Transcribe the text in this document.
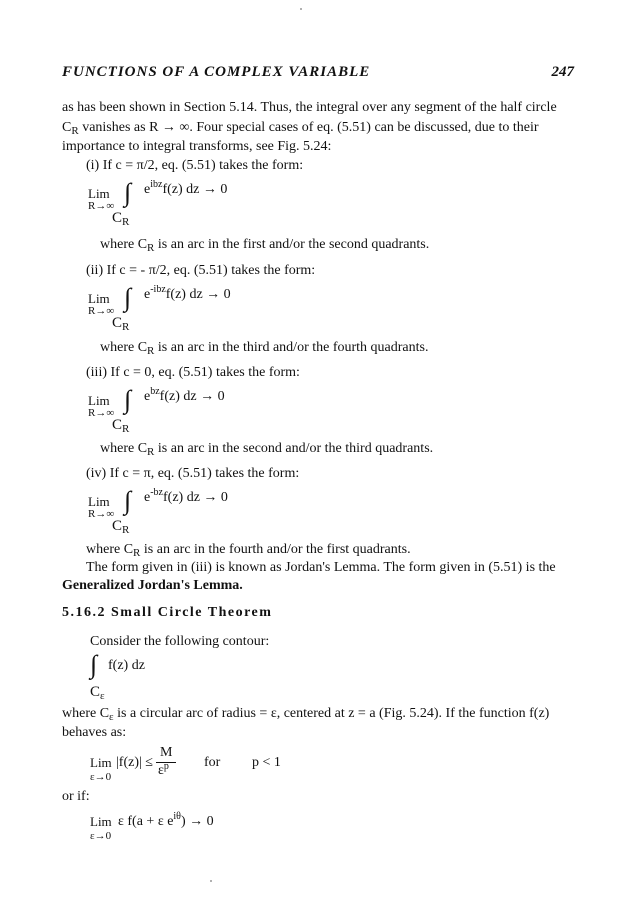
FUNCTIONS OF A COMPLEX VARIABLE	247
as has been shown in Section 5.14. Thus, the integral over any segment of the half circle
$C_R$ vanishes as R → ∞. Four special cases of eq. (5.51) can be discussed, due to their
importance to integral transforms, see Fig. 5.24:
(i) If c = π/2, eq. (5.51) takes the form:
Lim
R→∞ ∫ $e^{ibz}f(z)$ dz → 0
$C_R$
where $C_R$ is an arc in the first and/or the second quadrants.
(ii) If c = - π/2, eq. (5.51) takes the form:
Lim
R→∞ ∫ $e^{-ibz}f(z)$ dz → 0
$C_R$
where $C_R$ is an arc in the third and/or the fourth quadrants.
(iii) If c = 0, eq. (5.51) takes the form:
Lim
R→∞ ∫ $e^{bz}f(z)$ dz → 0
$C_R$
where $C_R$ is an arc in the second and/or the third quadrants.
(iv) If c = π, eq. (5.51) takes the form:
Lim
R→∞ ∫ $e^{-bz}f(z)$ dz → 0
$C_R$
where $C_R$ is an arc in the fourth and/or the first quadrants.
The form given in (iii) is known as Jordan's Lemma. The form given in (5.51) is the
Generalized Jordan's Lemma.
5.16.2 Small Circle Theorem
Consider the following contour:
∫ f(z) dz
$C_\varepsilon$
where $C_\varepsilon$ is a circular arc of radius = ε, centered at z = a (Fig. 5.24). If the function f(z)
behaves as:
Lim |f(z)| ≤
M
$\varepsilon^p$
ε→0
for p < 1
or if:
Lim ε f(a + ε $e^{i\theta}) \to 0$
ε→0
